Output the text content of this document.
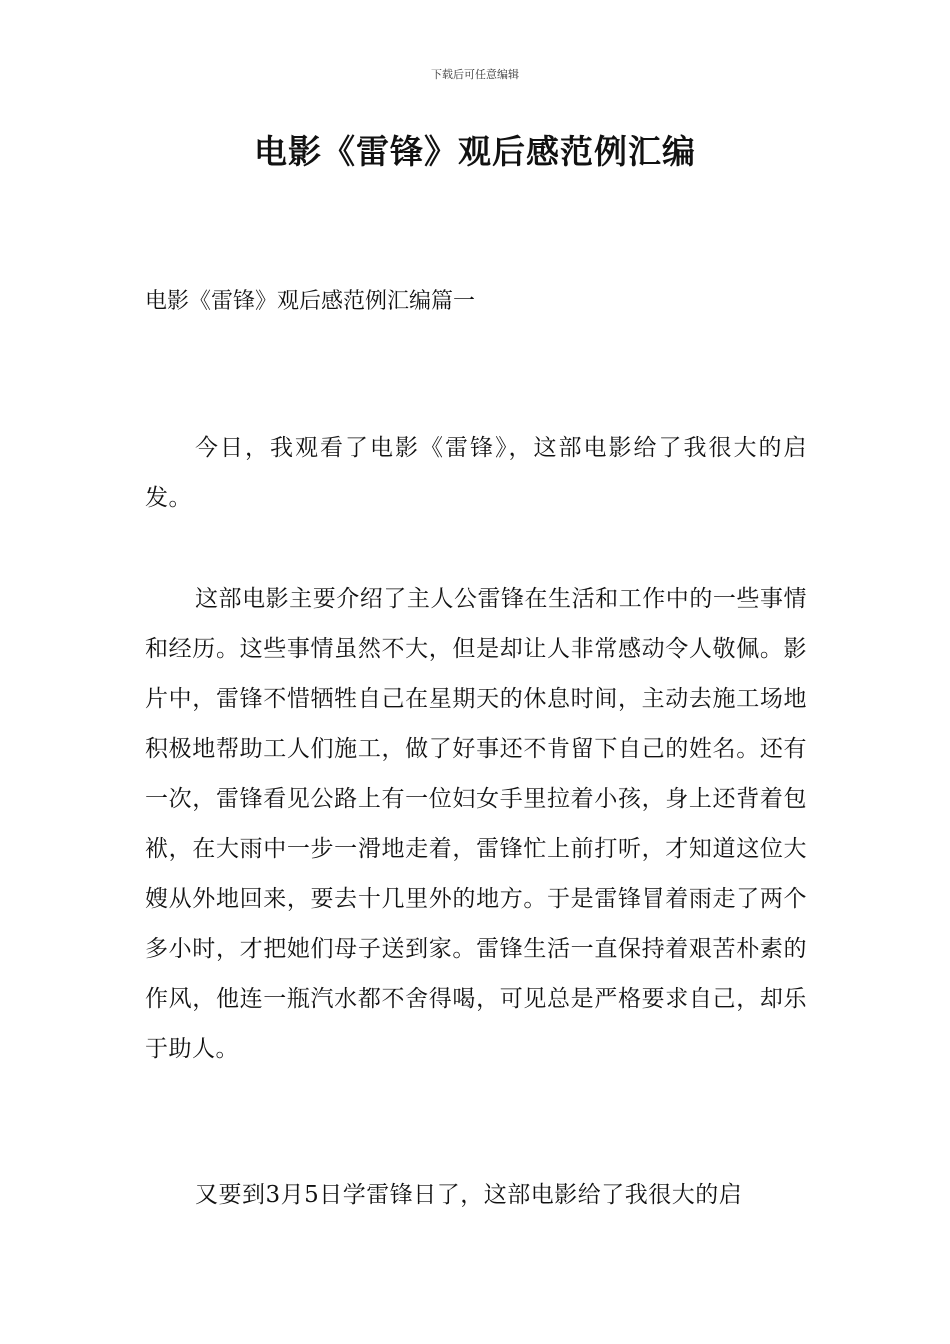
下载后可任意编辑
电影《雷锋》观后感范例汇编
电影《雷锋》观后感范例汇编篇一

今日，我观看了电影《雷锋》，这部电影给了我很大的启发。

这部电影主要介绍了主人公雷锋在生活和工作中的一些事情和经历。这些事情虽然不大，但是却让人非常感动令人敬佩。影片中，雷锋不惜牺牲自己在星期天的休息时间，主动去施工场地积极地帮助工人们施工，做了好事还不肯留下自己的姓名。还有一次，雷锋看见公路上有一位妇女手里拉着小孩，身上还背着包袱，在大雨中一步一滑地走着，雷锋忙上前打听，才知道这位大嫂从外地回来，要去十几里外的地方。于是雷锋冒着雨走了两个多小时，才把她们母子送到家。雷锋生活一直保持着艰苦朴素的作风，他连一瓶汽水都不舍得喝，可见总是严格要求自己，却乐于助人。

又要到3月5日学雷锋日了，这部电影给了我很大的启
